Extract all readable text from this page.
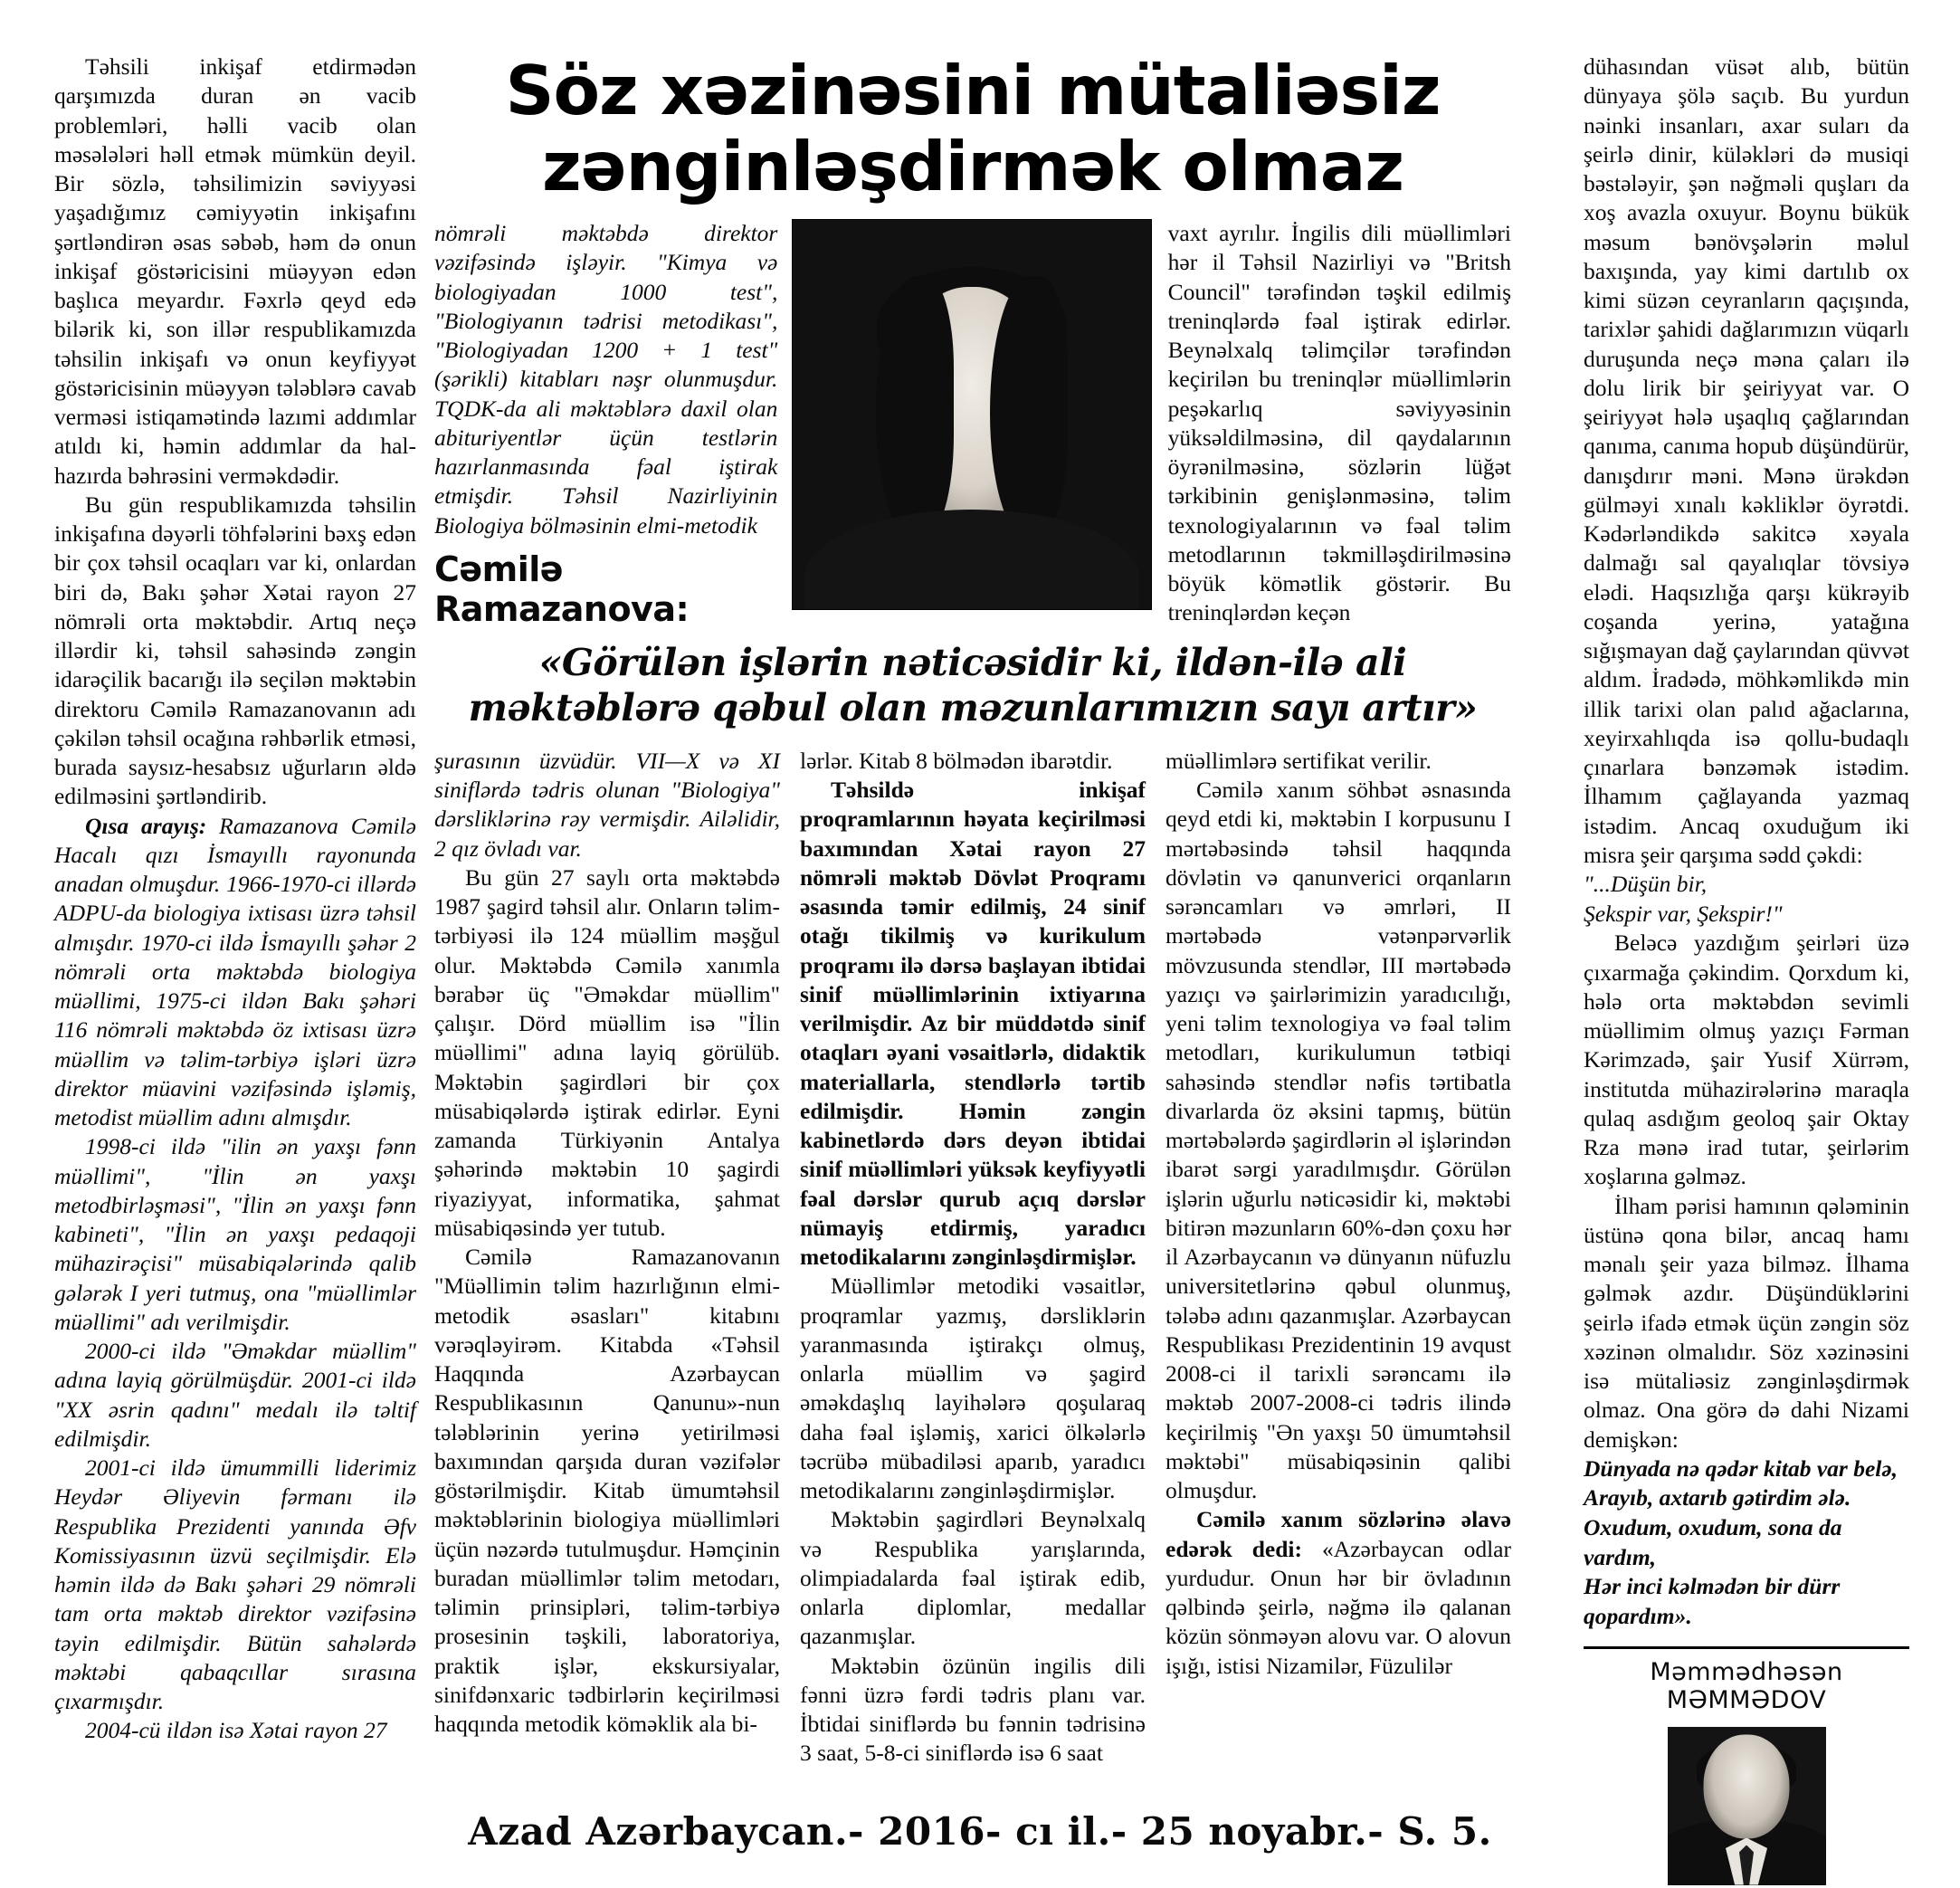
Təhsili inkişaf etdirmədən qarşımızda duran ən vacib problemləri, həlli vacib olan məsələləri həll etmək mümkün deyil. Bir sözlə, təhsilimizin səviyyəsi yaşadığımız cəmiyyətin inkişafını şərtləndirən əsas səbəb, həm də onun inkişaf göstəricisini müəyyən edən başlıca meyardır. Fəxrlə qeyd edə bilərik ki, son illər respublikamızda təhsilin inkişafı və onun keyfiyyət göstəricisinin müəyyən tələblərə cavab verməsi istiqamətində lazımi addımlar atıldı ki, həmin addımlar da hal-hazırda bəhrəsini verməkdədir.

Bu gün respublikamızda təhsilin inkişafına dəyərli töhfələrini bəxş edən bir çox təhsil ocaqları var ki, onlardan biri də, Bakı şəhər Xətai rayon 27 nömrəli orta məktəbdir. Artıq neçə illərdir ki, təhsil sahəsində zəngin idarəçilik bacarığı ilə seçilən məktəbin direktoru Cəmilə Ramazanovanın adı çəkilən təhsil ocağına rəhbərlik etməsi, burada saysız-hesabsız uğurların əldə edilməsini şərtləndirib.

Qısa arayış: Ramazanova Cəmilə Hacalı qızı İsmayıllı rayonunda anadan olmuşdur. 1966-1970-ci illərdə ADPU-da biologiya ixtisası üzrə təhsil almışdır. 1970-ci ildə İsmayıllı şəhər 2 nömrəli orta məktəbdə biologiya müəllimi, 1975-ci ildən Bakı şəhəri 116 nömrəli məktəbdə öz ixtisası üzrə müəllim və təlim-tərbiyə işləri üzrə direktor müavini vəzifəsində işləmiş, metodist müəllim adını almışdır.

1998-ci ildə "ilin ən yaxşı fənn müəllimi", "İlin ən yaxşı metodbirləşməsi", "İlin ən yaxşı fənn kabineti", "İlin ən yaxşı pedaqoji mühazirəçisi" müsabiqələrində qalib gələrək I yeri tutmuş, ona "müəllimlər müəllimi" adı verilmişdir.

2000-ci ildə "Əməkdar müəllim" adına layiq görülmüşdür. 2001-ci ildə "XX əsrin qadını" medalı ilə təltif edilmişdir.

2001-ci ildə ümummilli liderimiz Heydər Əliyevin fərmanı ilə Respublika Prezidenti yanında Əfv Komissiyasının üzvü seçilmişdir. Elə həmin ildə də Bakı şəhəri 29 nömrəli tam orta məktəb direktor vəzifəsinə təyin edilmişdir. Bütün sahələrdə məktəbi qabaqcıllar sırasına çıxarmışdır.

2004-cü ildən isə Xətai rayon 27

Söz xəzinəsini mütaliəsiz
zənginləşdirmək olmaz

nömrəli məktəbdə direktor vəzifəsində işləyir. "Kimya və biologiyadan 1000 test", "Biologiyanın tədrisi metodikası", "Biologiyadan 1200 + 1 test" (şərikli) kitabları nəşr olunmuşdur. TQDK-da ali məktəblərə daxil olan abituriyentlər üçün testlərin hazırlanmasında fəal iştirak etmişdir. Təhsil Nazirliyinin Biologiya bölməsinin elmi-metodik

Cəmilə Ramazanova:

vaxt ayrılır. İngilis dili müəllimləri hər il Təhsil Nazirliyi və "Britsh Council" tərəfindən təşkil edilmiş treninqlərdə fəal iştirak edirlər. Beynəlxalq təlimçilər tərəfindən keçirilən bu treninqlər müəllimlərin peşəkarlıq səviyyəsinin yüksəldilməsinə, dil qaydalarının öyrənilməsinə, sözlərin lüğət tərkibinin genişlənməsinə, təlim texnologiyalarının və fəal təlim metodlarının təkmilləşdirilməsinə böyük kömətlik göstərir. Bu treninqlərdən keçən

«Görülən işlərin nəticəsidir ki, ildən-ilə ali məktəblərə qəbul olan məzunlarımızın sayı artır»

şurasının üzvüdür. VII—X və XI siniflərdə tədris olunan "Biologiya" dərsliklərinə rəy vermişdir. Ailəlidir, 2 qız övladı var.

Bu gün 27 saylı orta məktəbdə 1987 şagird təhsil alır. Onların təlim-tərbiyəsi ilə 124 müəllim məşğul olur. Məktəbdə Cəmilə xanımla bərabər üç "Əməkdar müəllim" çalışır. Dörd müəllim isə "İlin müəllimi" adına layiq görülüb. Məktəbin şagirdləri bir çox müsabiqələrdə iştirak edirlər. Eyni zamanda Türkiyənin Antalya şəhərində məktəbin 10 şagirdi riyaziyyat, informatika, şahmat müsabiqəsində yer tutub.

Cəmilə Ramazanovanın "Müəllimin təlim hazırlığının elmi-metodik əsasları" kitabını vərəqləyirəm. Kitabda «Təhsil Haqqında Azərbaycan Respublikasının Qanunu»-nun tələblərinin yerinə yetirilməsi baxımından qarşıda duran vəzifələr göstərilmişdir. Kitab ümumtəhsil məktəblərinin biologiya müəllimləri üçün nəzərdə tutulmuşdur. Həmçinin buradan müəllimlər təlim metodarı, təlimin prinsipləri, təlim-tərbiyə prosesinin təşkili, laboratoriya, praktik işlər, ekskursiyalar, sinifdənxaric tədbirlərin keçirilməsi haqqında metodik köməklik ala bi-

lərlər. Kitab 8 bölmədən ibarətdir.

Təhsildə inkişaf proqramlarının həyata keçirilməsi baxımından Xətai rayon 27 nömrəli məktəb Dövlət Proqramı əsasında təmir edilmiş, 24 sinif otağı tikilmiş və kurikulum proqramı ilə dərsə başlayan ibtidai sinif müəllimlərinin ixtiyarına verilmişdir. Az bir müddətdə sinif otaqları əyani vəsaitlərlə, didaktik materiallarla, stendlərlə tərtib edilmişdir. Həmin zəngin kabinetlərdə dərs deyən ibtidai sinif müəllimləri yüksək keyfiyyətli fəal dərslər qurub açıq dərslər nümayiş etdirmiş, yaradıcı metodikalarını zənginləşdirmişlər.

Müəllimlər metodiki vəsaitlər, proqramlar yazmış, dərsliklərin yaranmasında iştirakçı olmuş, onlarla müəllim və şagird əməkdaşlıq layihələrə qoşularaq daha fəal işləmiş, xarici ölkələrlə təcrübə mübadiləsi aparıb, yaradıcı metodikalarını zənginləşdirmişlər.

Məktəbin şagirdləri Beynəlxalq və Respublika yarışlarında, olimpiadalarda fəal iştirak edib, onlarla diplomlar, medallar qazanmışlar.

Məktəbin özünün ingilis dili fənni üzrə fərdi tədris planı var. İbtidai siniflərdə bu fənnin tədrisinə 3 saat, 5-8-ci siniflərdə isə 6 saat

müəllimlərə sertifikat verilir.

Cəmilə xanım söhbət əsnasında qeyd etdi ki, məktəbin I korpusunu I mərtəbəsində təhsil haqqında dövlətin və qanunverici orqanların sərəncamları və əmrləri, II mərtəbədə vətənpərvərlik mövzusunda stendlər, III mərtəbədə yazıçı və şairlərimizin yaradıcılığı, yeni təlim texnologiya və fəal təlim metodları, kurikulumun tətbiqi sahəsində stendlər nəfis tərtibatla divarlarda öz əksini tapmış, bütün mərtəbələrdə şagirdlərin əl işlərindən ibarət sərgi yaradılmışdır. Görülən işlərin uğurlu nəticəsidir ki, məktəbi bitirən məzunların 60%-dən çoxu hər il Azərbaycanın və dünyanın nüfuzlu universitetlərinə qəbul olunmuş, tələbə adını qazanmışlar. Azərbaycan Respublikası Prezidentinin 19 avqust 2008-ci il tarixli sərəncamı ilə məktəb 2007-2008-ci tədris ilində keçirilmiş "Ən yaxşı 50 ümumtəhsil məktəbi" müsabiqəsinin qalibi olmuşdur.

Cəmilə xanım sözlərinə əlavə edərək dedi: «Azərbaycan odlar yurdudur. Onun hər bir övladının qəlbində şeirlə, nəğmə ilə qalanan közün sönməyən alovu var. O alovun işığı, istisi Nizamilər, Füzulilər

dühasından vüsət alıb, bütün dünyaya şölə saçıb. Bu yurdun nəinki insanları, axar suları da şeirlə dinir, küləkləri də musiqi bəstələyir, şən nəğməli quşları da xoş avazla oxuyur. Boynu bükük məsum bənövşələrin məlul baxışında, yay kimi dartılıb ox kimi süzən ceyranların qaçışında, tarixlər şahidi dağlarımızın vüqarlı duruşunda neçə məna çaları ilə dolu lirik bir şeiriyyat var. O şeiriyyət hələ uşaqlıq çağlarından qanıma, canıma hopub düşündürür, danışdırır məni. Mənə ürəkdən gülməyi xınalı kəkliklər öyrətdi. Kədərləndikdə sakitcə xəyala dalmağı sal qayalıqlar tövsiyə elədi. Haqsızlığa qarşı kükrəyib coşanda yerinə, yatağına sığışmayan dağ çaylarından qüvvət aldım. İradədə, möhkəmlikdə min illik tarixi olan palıd ağaclarına, xeyirxahlıqda isə qollu-budaqlı çınarlara bənzəmək istədim. İlhamım çağlayanda yazmaq istədim. Ancaq oxuduğum iki misra şeir qarşıma sədd çəkdi:

"...Düşün bir,

Şekspir var, Şekspir!"

Beləcə yazdığım şeirləri üzə çıxarmağa çəkindim. Qorxdum ki, hələ orta məktəbdən sevimli müəllimim olmuş yazıçı Fərman Kərimzadə, şair Yusif Xürrəm, institutda mühazirələrinə maraqla qulaq asdığım geoloq şair Oktay Rza mənə irad tutar, şeirlərim xoşlarına gəlməz.

İlham pərisi hamının qələminin üstünə qona bilər, ancaq hamı mənalı şeir yaza bilməz. İlhama gəlmək azdır. Düşündüklərini şeirlə ifadə etmək üçün zəngin söz xəzinən olmalıdır. Söz xəzinəsini isə mütaliəsiz zənginləşdirmək olmaz. Ona görə də dahi Nizami demişkən:

Dünyada nə qədər kitab var belə,

Arayıb, axtarıb gətirdim ələ.

Oxudum, oxudum, sona da vardım,

Hər inci kəlmədən bir dürr qopardım».

Məmmədhəsən MƏMMƏDOV
Azad Azərbaycan.- 2016- cı il.- 25 noyabr.- S. 5.
